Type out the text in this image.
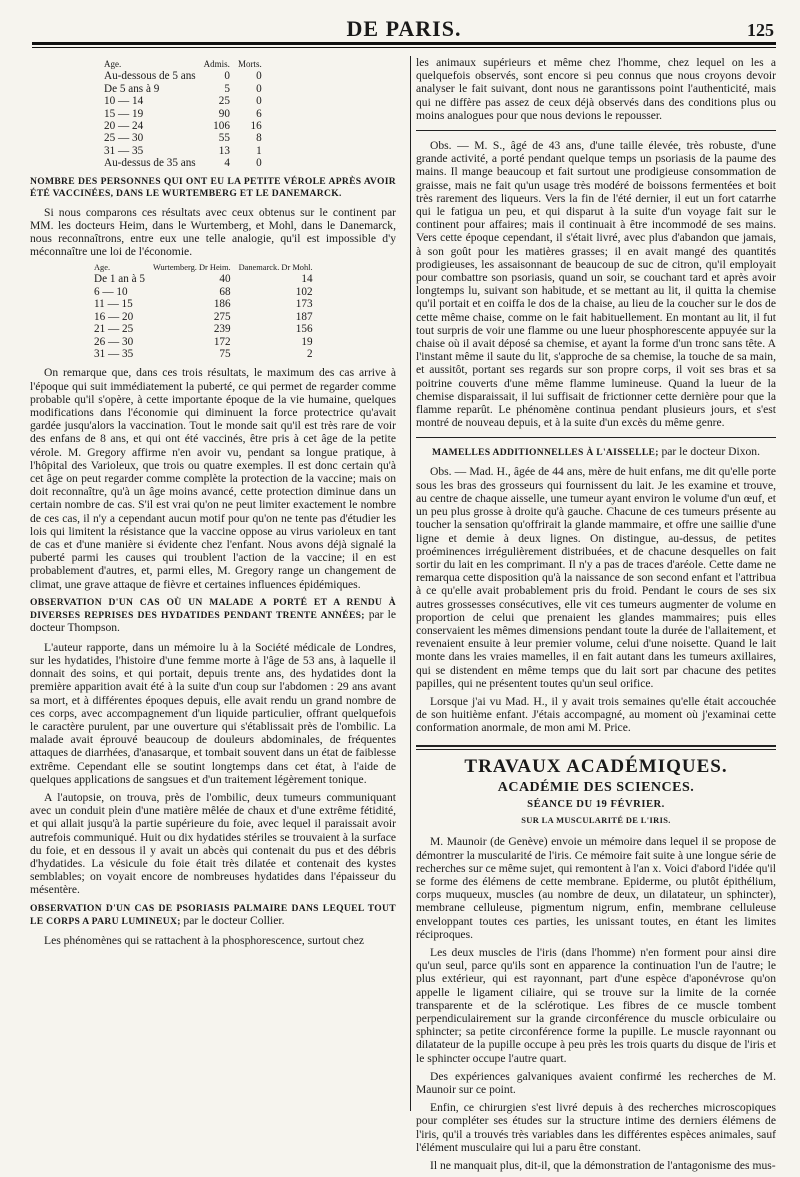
DE PARIS.	125
Age.	Admis.	Morts.
Au-dessous de 5 ans	0	0
De 5 ans à 9	5	0
10 — 14	25	0
15 — 19	90	6
20 — 24	106	16
25 — 30	55	8
31 — 35	13	1
Au-dessus de 35 ans	4	0
NOMBRE DES PERSONNES QUI ONT EU LA PETITE VÉROLE APRÈS AVOIR ÉTÉ VACCINÉES, DANS LE WURTEMBERG ET LE DANEMARCK.

Si nous comparons ces résultats avec ceux obtenus sur le continent par MM. les docteurs Heim, dans le Wurtemberg, et Mohl, dans le Danemarck, nous reconnaîtrons, entre eux une telle analogie, qu'il est impossible d'y méconnaître une loi de l'économie.

Age.	Wurtemberg. Dr Heim.	Danemarck. Dr Mohl.
De 1 an à 5	40	14
6 — 10	68	102
11 — 15	186	173
16 — 20	275	187
21 — 25	239	156
26 — 30	172	19
31 — 35	75	2

On remarque que, dans ces trois résultats, le maximum des cas arrive à l'époque qui suit immédiatement la puberté, ce qui permet de regarder comme probable qu'il s'opère, à cette importante époque de la vie humaine, quelques modifications dans l'économie qui diminuent la force protectrice qu'avait gardée jusqu'alors la vaccination. Tout le monde sait qu'il est très rare de voir des enfans de 8 ans, et qui ont été vaccinés, être pris à cet âge de la petite vérole. M. Gregory affirme n'en avoir vu, pendant sa longue pratique, à l'hôpital des Varioleux, que trois ou quatre exemples. Il est donc certain qu'à cet âge on peut regarder comme complète la protection de la vaccine; mais on doit reconnaître, qu'à un âge moins avancé, cette protection diminue dans un certain nombre de cas. S'il est vrai qu'on ne peut limiter exactement le nombre de ces cas, il n'y a cependant aucun motif pour qu'on ne tente pas d'étudier les lois qui limitent la résistance que la vaccine oppose au virus varioleux en tant de cas et d'une manière si évidente chez l'enfant. Nous avons déjà signalé la puberté parmi les causes qui troublent l'action de la vaccine; il en est probablement d'autres, et, parmi elles, M. Gregory range un changement de climat, une grave attaque de fièvre et certaines influences épidémiques.

OBSERVATION D'UN CAS OÙ UN MALADE A PORTÉ ET A RENDU À DIVERSES REPRISES DES HYDATIDES PENDANT TRENTE ANNÉES; par le docteur Thompson.

L'auteur rapporte, dans un mémoire lu à la Société médicale de Londres, sur les hydatides, l'histoire d'une femme morte à l'âge de 53 ans, à laquelle il donnait des soins, et qui portait, depuis trente ans, des hydatides dont la première apparition avait été à la suite d'un coup sur l'abdomen : 29 ans avant sa mort, et à différentes époques depuis, elle avait rendu un grand nombre de ces corps, avec accompagnement d'un liquide particulier, offrant quelquefois le caractère purulent, par une ouverture qui s'établissait près de l'ombilic. La malade avait éprouvé beaucoup de douleurs abdominales, de fréquentes attaques de diarrhées, d'anasarque, et tombait souvent dans un état de faiblesse extrême. Cependant elle se soutint longtemps dans cet état, à l'aide de quelques applications de sangsues et d'un traitement légèrement tonique.

A l'autopsie, on trouva, près de l'ombilic, deux tumeurs communiquant avec un conduit plein d'une matière mêlée de chaux et d'une extrême fétidité, et qui allait jusqu'à la partie supérieure du foie, avec lequel il paraissait avoir autrefois communiqué. Huit ou dix hydatides stériles se trouvaient à la surface du foie, et en dessous il y avait un abcès qui contenait du pus et des débris d'hydatides. La vésicule du foie était très dilatée et contenait des kystes semblables; on voyait encore de nombreuses hydatides dans l'épaisseur du mésentère.

OBSERVATION D'UN CAS DE PSORIASIS PALMAIRE DANS LEQUEL TOUT LE CORPS A PARU LUMINEUX; par le docteur Collier.

Les phénomènes qui se rattachent à la phosphorescence, surtout chez

les animaux supérieurs et même chez l'homme, chez lequel on les a quelquefois observés, sont encore si peu connus que nous croyons devoir analyser le fait suivant, dont nous ne garantissons point l'authenticité, mais qui ne diffère pas assez de ceux déjà observés dans des conditions plus ou moins analogues pour que nous devions le repousser.

Obs. — M. S., âgé de 43 ans, d'une taille élevée, très robuste, d'une grande activité, a porté pendant quelque temps un psoriasis de la paume des mains. Il mange beaucoup et fait surtout une prodigieuse consommation de graisse, mais ne fait qu'un usage très modéré de boissons fermentées et boit très rarement des liqueurs. Vers la fin de l'été dernier, il eut un fort catarrhe qui le fatigua un peu, et qui disparut à la suite d'un voyage fait sur le continent pour affaires; mais il continuait à être incommodé de ses mains. Vers cette époque cependant, il s'était livré, avec plus d'abandon que jamais, à son goût pour les matières grasses; il en avait mangé des quantités prodigieuses, les assaisonnant de beaucoup de suc de citron, qu'il employait pour combattre son psoriasis, quand un soir, se couchant tard et après avoir longtemps lu, suivant son habitude, et se mettant au lit, il quitta la chemise qu'il portait et en coiffa le dos de la chaise, au lieu de la coucher sur le dos de cette même chaise, comme on le fait habituellement. En montant au lit, il fut tout surpris de voir une flamme ou une lueur phosphorescente appuyée sur la chaise où il avait déposé sa chemise, et ayant la forme d'un tronc sans tête. A l'instant même il saute du lit, s'approche de sa chemise, la touche de sa main, et aussitôt, portant ses regards sur son propre corps, il voit ses bras et sa poitrine couverts d'une même flamme lumineuse. Quand la lueur de la chemise disparaissait, il lui suffisait de frictionner cette dernière pour que la flamme reparût. Le phénomène continua pendant plusieurs jours, et s'est montré de nouveau depuis, et à la suite d'un excès du même genre.

MAMELLES ADDITIONNELLES À L'AISSELLE; par le docteur Dixon.

Obs. — Mad. H., âgée de 44 ans, mère de huit enfans, me dit qu'elle porte sous les bras des grosseurs qui fournissent du lait. Je les examine et trouve, au centre de chaque aisselle, une tumeur ayant environ le volume d'un œuf, et un peu plus grosse à droite qu'à gauche. Chacune de ces tumeurs présente au toucher la sensation qu'offrirait la glande mammaire, et offre une saillie d'une ligne et demie à deux lignes. On distingue, au-dessus, de petites proéminences irrégulièrement distribuées, et de chacune desquelles on fait sortir du lait en les comprimant. Il n'y a pas de traces d'aréole. Cette dame ne remarqua cette disposition qu'à la naissance de son second enfant et l'attribua à ce qu'elle avait probablement pris du froid. Pendant le cours de ses six autres grossesses consécutives, elle vit ces tumeurs augmenter de volume en proportion de celui que prenaient les glandes mammaires; puis elles conservaient les mêmes dimensions pendant toute la durée de l'allaitement, et revenaient ensuite à leur premier volume, celui d'une noisette. Quand le lait monte dans les vraies mamelles, il en fait autant dans les tumeurs axillaires, qui se distendent en même temps que du lait sort par chacune des petites papilles, qui ne présentent toutes qu'un seul orifice.

Lorsque j'ai vu Mad. H., il y avait trois semaines qu'elle était accouchée de son huitième enfant. J'étais accompagné, au moment où j'examinai cette conformation anormale, de mon ami M. Price.

TRAVAUX ACADÉMIQUES.
ACADÉMIE DES SCIENCES.
SÉANCE DU 19 FÉVRIER.
SUR LA MUSCULARITÉ DE L'IRIS.

M. Maunoir (de Genève) envoie un mémoire dans lequel il se propose de démontrer la muscularité de l'iris. Ce mémoire fait suite à une longue série de recherches sur ce même sujet, qui remontent à l'an x. Voici d'abord l'idée qu'il se forme des élémens de cette membrane. Epiderme, ou plutôt épithélium, corps muqueux, muscles (au nombre de deux, un dilatateur, un sphincter), membrane celluleuse, pigmentum nigrum, enfin, membrane celluleuse enveloppant toutes ces parties, les unissant toutes, en étant les limites réciproques.

Les deux muscles de l'iris (dans l'homme) n'en forment pour ainsi dire qu'un seul, parce qu'ils sont en apparence la continuation l'un de l'autre; le plus extérieur, qui est rayonnant, part d'une espèce d'aponévrose qu'on appelle le ligament ciliaire, qui se trouve sur la limite de la cornée transparente et de la sclérotique. Les fibres de ce muscle tombent perpendiculairement sur la grande circonférence du muscle orbiculaire ou sphincter; sa petite circonférence forme la pupille. Le muscle rayonnant ou dilatateur de la pupille occupe à peu près les trois quarts du disque de l'iris et le sphincter occupe l'autre quart.

Des expériences galvaniques avaient confirmé les recherches de M. Maunoir sur ce point.

Enfin, ce chirurgien s'est livré depuis à des recherches microscopiques pour compléter ses études sur la structure intime des derniers élémens de l'iris, qu'il a trouvés très variables dans les différentes espèces animales, sauf l'élément musculaire qui lui a paru être constant.

Il ne manquait plus, dit-il, que la démonstration de l'antagonisme des mus-
